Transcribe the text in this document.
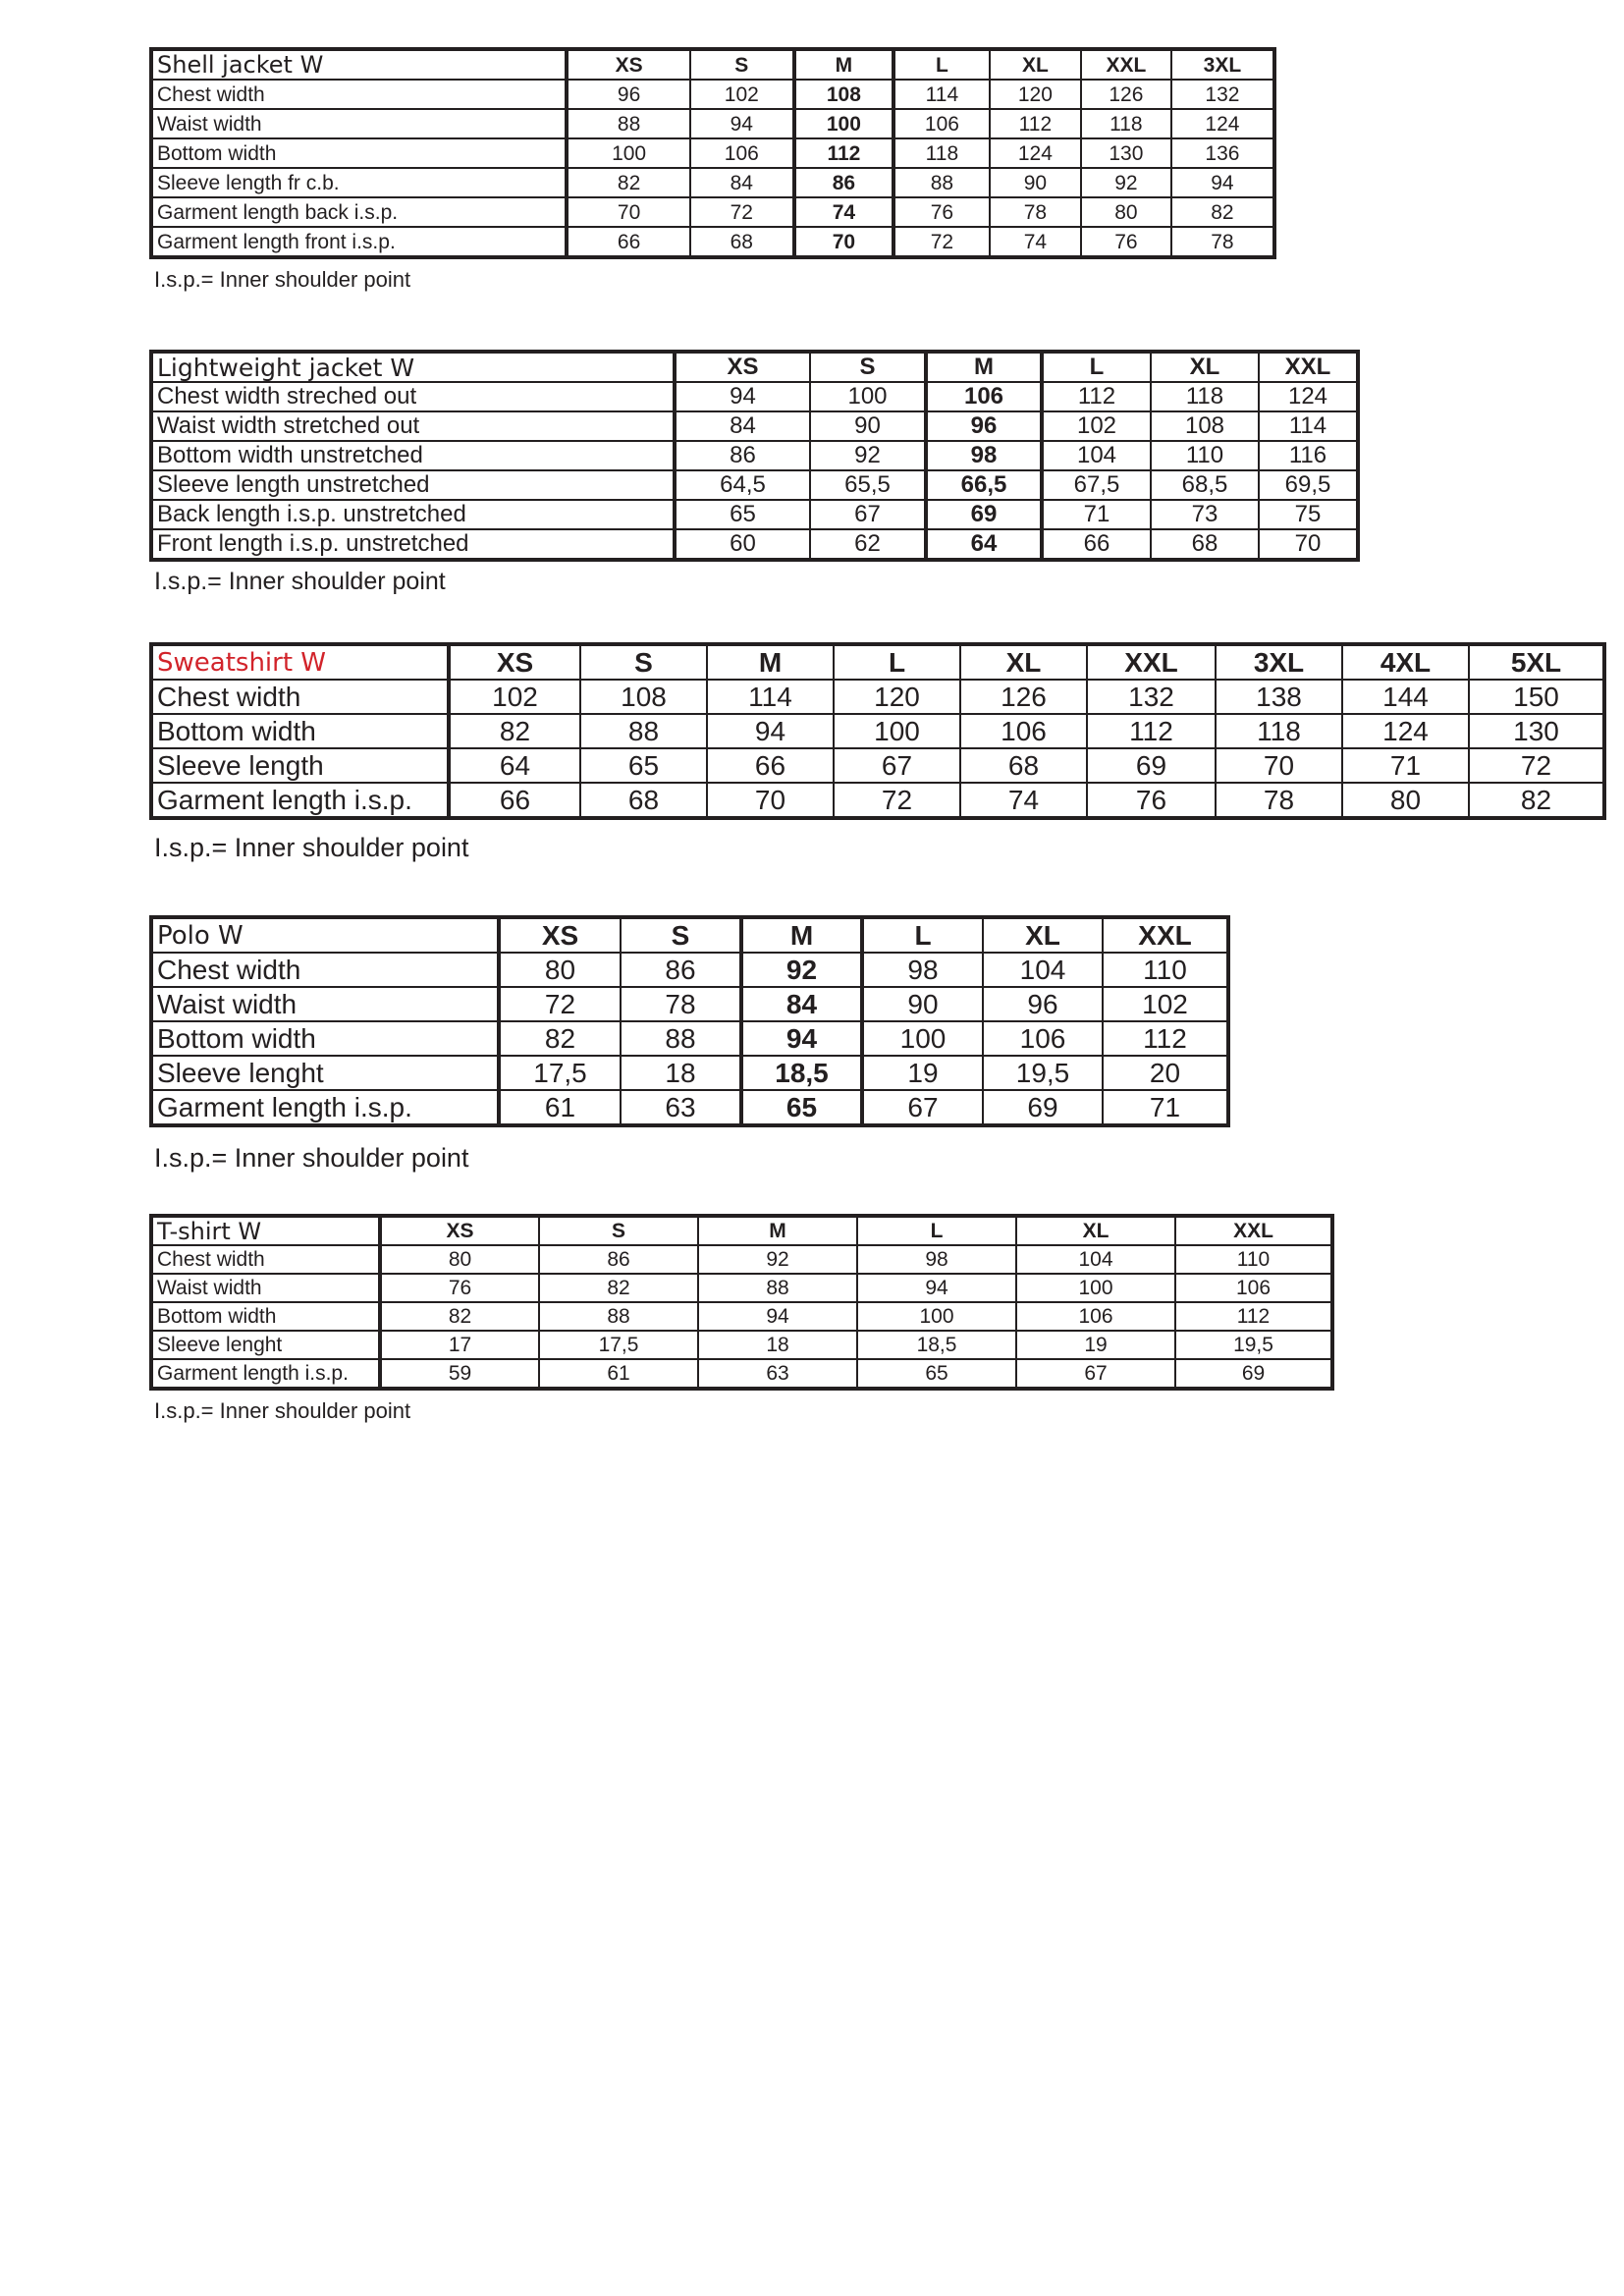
Shell jacket W	XS	S	M	L	XL	XXL	3XL
Chest width	96	102	108	114	120	126	132
Waist width	88	94	100	106	112	118	124
Bottom width	100	106	112	118	124	130	136
Sleeve length fr c.b.	82	84	86	88	90	92	94
Garment length back i.s.p.	70	72	74	76	78	80	82
Garment length front i.s.p.	66	68	70	72	74	76	78
I.s.p.= Inner shoulder point
Lightweight jacket W	XS	S	M	L	XL	XXL
Chest width streched out	94	100	106	112	118	124
Waist width stretched out	84	90	96	102	108	114
Bottom width unstretched	86	92	98	104	110	116
Sleeve length unstretched	64,5	65,5	66,5	67,5	68,5	69,5
Back length i.s.p. unstretched	65	67	69	71	73	75
Front length i.s.p. unstretched	60	62	64	66	68	70
I.s.p.= Inner shoulder point
Sweatshirt W	XS	S	M	L	XL	XXL	3XL	4XL	5XL
Chest width	102	108	114	120	126	132	138	144	150
Bottom width	82	88	94	100	106	112	118	124	130
Sleeve length	64	65	66	67	68	69	70	71	72
Garment length i.s.p.	66	68	70	72	74	76	78	80	82
I.s.p.= Inner shoulder point
Polo W	XS	S	M	L	XL	XXL
Chest width	80	86	92	98	104	110
Waist width	72	78	84	90	96	102
Bottom width	82	88	94	100	106	112
Sleeve lenght	17,5	18	18,5	19	19,5	20
Garment length i.s.p.	61	63	65	67	69	71
I.s.p.= Inner shoulder point
T-shirt W	XS	S	M	L	XL	XXL
Chest width	80	86	92	98	104	110
Waist width	76	82	88	94	100	106
Bottom width	82	88	94	100	106	112
Sleeve lenght	17	17,5	18	18,5	19	19,5
Garment length i.s.p.	59	61	63	65	67	69
I.s.p.= Inner shoulder point
